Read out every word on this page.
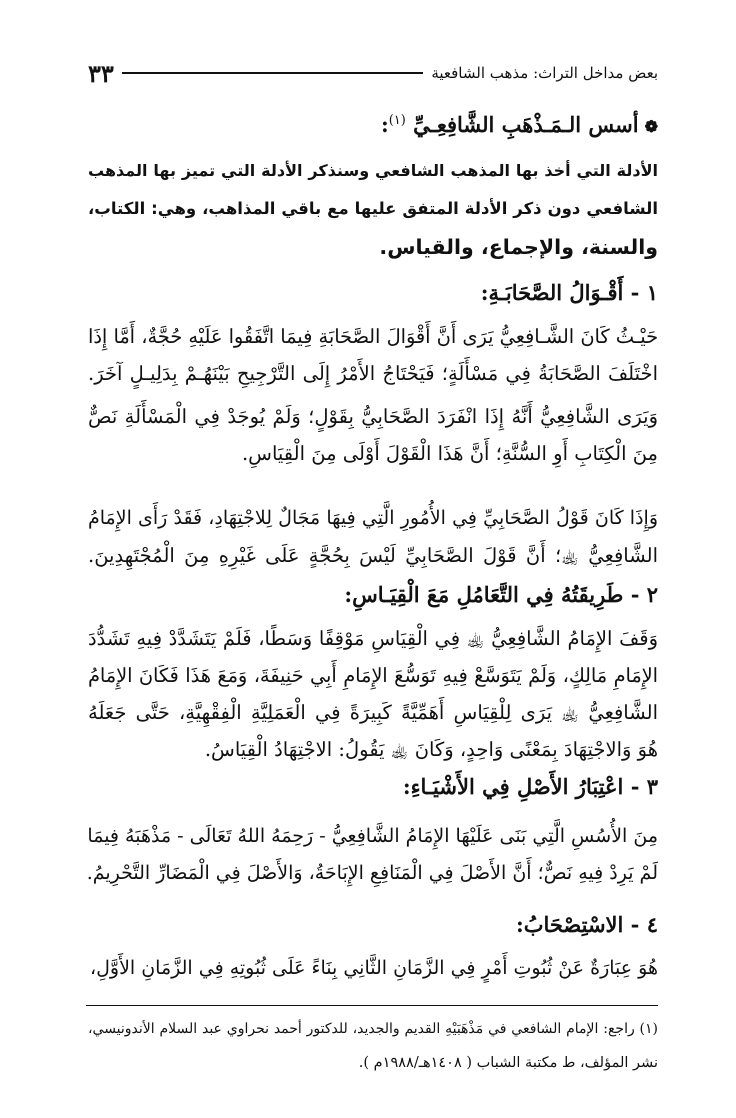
بعض مداخل التراث: مذهب الشافعية
٣٣
❁أسس الـمَـذْهَبِ الشَّافِعِـيِّ $^{(١)}$:
الأدلة التي أخذ بها المذهب الشافعي وسنذكر الأدلة التي تميز بها المذهب
الشافعي دون ذكر الأدلة المتفق عليها مع باقي المذاهب، وهي: الكتاب،
والسنة، والإجماع، والقياس.
١ - أَقْـوَالُ الصَّحَابَـةِ:
حَيْـثُ كَانَ الشَّـافِعِيُّ يَرَى أَنَّ أَقْوَالَ الصَّحَابَةِ فِيمَا اتَّفَقُوا عَلَيْهِ حُجَّةٌ، أَمَّا إِذَا
اخْتَلَفَ الصَّحَابَةُ فِي مَسْأَلَةٍ؛ فَيَحْتَاجُ الأَمْرُ إِلَى التَّرْجِيحِ بَيْنَهُـمْ بِدَلِيـلٍ آخَرَ.
وَيَرَى الشَّافِعِيُّ أَنَّهُ إِذَا انْفَرَدَ الصَّحَابِيُّ بِقَوْلٍ؛ وَلَمْ يُوجَدْ فِي الْمَسْأَلَةِ نَصٌّ
مِنَ الْكِتَابِ أَوِ السُّنَّةِ؛ أَنَّ هَذَا الْقَوْلَ أَوْلَى مِنَ الْقِيَاسِ.
وَإِذَا كَانَ قَوْلُ الصَّحَابِيِّ فِي الأُمُورِ الَّتِي فِيهَا مَجَالٌ لِلاجْتِهَادِ، فَقَدْ رَأَى الإِمَامُ
الشَّافِعِيُّ ﵀؛ أَنَّ قَوْلَ الصَّحَابِيِّ لَيْسَ بِحُجَّةٍ عَلَى غَيْرِهِ مِنَ الْمُجْتَهِدِينَ.
٢ - طَرِيقَتُهُ فِي التَّعَامُلِ مَعَ الْقِيَـاسِ:
وَقَفَ الإِمَامُ الشَّافِعِيُّ ﵀ فِي الْقِيَاسِ مَوْقِفًا وَسَطًا، فَلَمْ يَتَشَدَّدْ فِيهِ تَشَدُّدَ
الإِمَامِ مَالِكٍ، وَلَمْ يَتَوَسَّعْ فِيهِ تَوَسُّعَ الإِمَامِ أَبِي حَنِيفَةَ، وَمَعَ هَذَا فَكَانَ الإِمَامُ
الشَّافِعِيُّ ﵀ يَرَى لِلْقِيَاسِ أَهَمِّيَّةً كَبِيرَةً فِي الْعَمَلِيَّةِ الْفِقْهِيَّةِ، حَتَّى جَعَلَهُ
هُوَ وَالاجْتِهَادَ بِمَعْنًى وَاحِدٍ، وَكَانَ ﵀ يَقُولُ: الاجْتِهَادُ الْقِيَاسُ.
٣ - اعْتِبَارُ الأَصْلِ فِي الأَشْيَـاءِ:
مِنَ الأُسُسِ الَّتِي بَنَى عَلَيْهَا الإِمَامُ الشَّافِعِيُّ - رَحِمَهُ اللهُ تَعَالَى - مَذْهَبَهُ فِيمَا
لَمْ يَرِدْ فِيهِ نَصٌّ؛ أَنَّ الأَصْلَ فِي الْمَنَافِعِ الإِبَاحَةُ، وَالأَصْلَ فِي الْمَضَارِّ التَّحْرِيمُ.
٤ - الاسْتِصْحَابُ:
هُوَ عِبَارَةٌ عَنْ ثُبُوتِ أَمْرٍ فِي الزَّمَانِ الثَّانِي بِنَاءً عَلَى ثُبُوتِهِ فِي الزَّمَانِ الأَوَّلِ،
(١) راجع: الإمام الشافعي في مَذْهَبَيْهِ القديم والجديد، للدكتور أحمد نحراوي عبد السلام الأندونيسي،
نشر المؤلف، ط مكتبة الشباب ( ١٤٠٨هـ/١٩٨٨م ).
